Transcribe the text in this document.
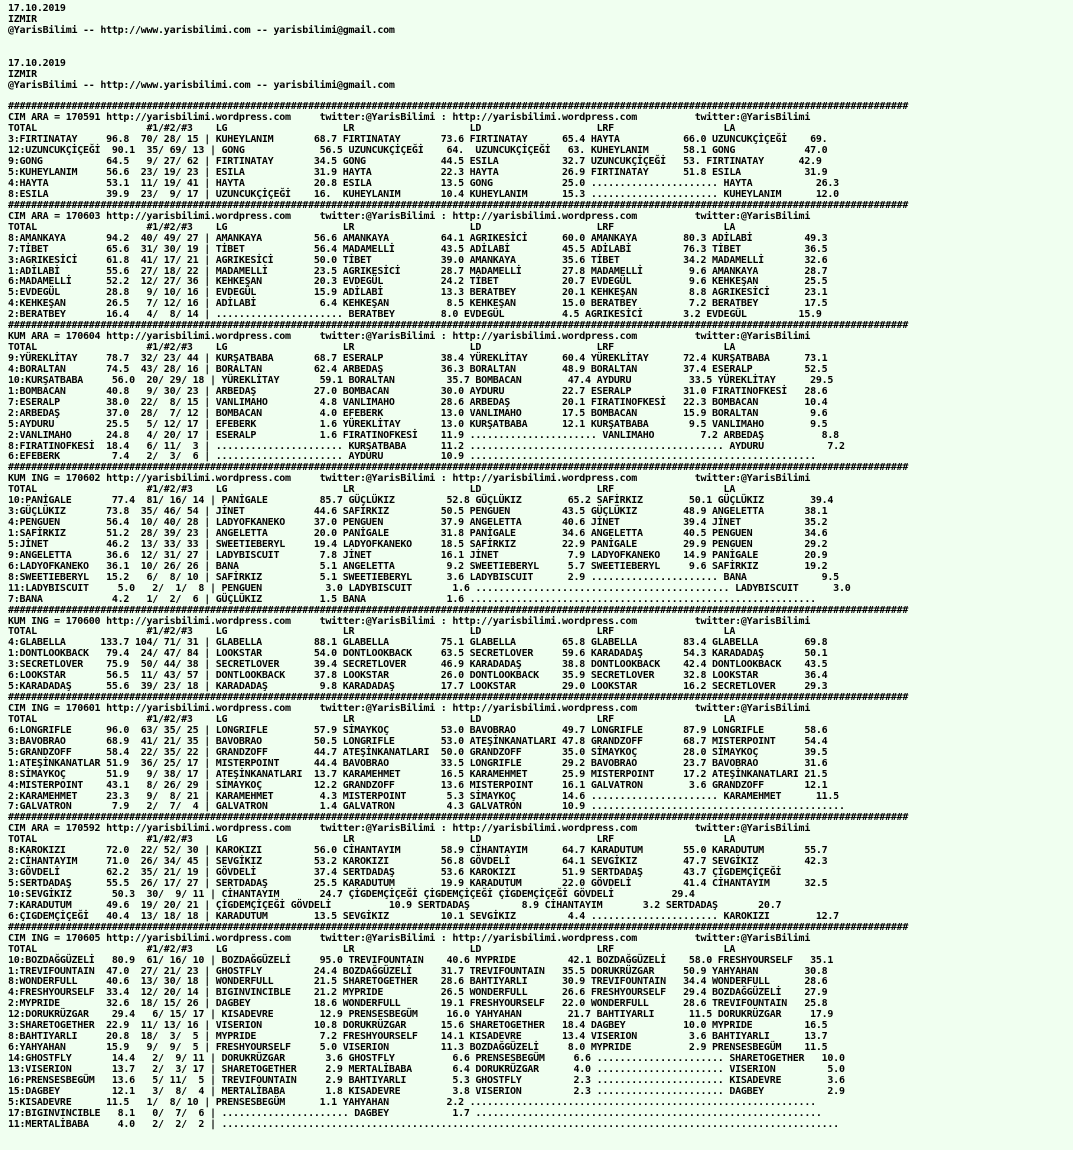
17.10.2019
IZMIR
@YarisBilimi -- http://www.yarisbilimi.com -- yarisbilimi@gmail.com

17.10.2019
IZMIR
@YarisBilimi -- http://www.yarisbilimi.com -- yarisbilimi@gmail.com

############################################################################################################################################################
CIM ARA = 170591 http://yarisbilimi.wordpress.com     twitter:@YarisBilimi : http://yarisbilimi.wordpress.com          twitter:@YarisBilimi
TOTAL                   #1/#2/#3    LG                    LR                    LD                    LRF                   LA
3:FIRTINATAY     96.8  70/ 28/ 15 | KUHEYLANIM       68.7 FIRTINATAY       73.6 FIRTINATAY      65.4 HAYTA           66.0 UZUNCUKÇİÇEĞİ    69.
12:UZUNCUKÇİÇEĞİ  90.1  35/ 69/ 13 | GONG             56.5 UZUNCUKÇİÇEĞİ    64.  UZUNCUKÇİÇEĞİ   63. KUHEYLANIM      58.1 GONG            47.0
9:GONG           64.5   9/ 27/ 62 | FIRTINATAY       34.5 GONG             44.5 ESILA           32.7 UZUNCUKÇİÇEĞİ   53. FIRTINATAY      42.9
5:KUHEYLANIM     56.6  23/ 19/ 23 | ESILA            31.9 HAYTA            22.3 HAYTA           26.9 FIRTINATAY      51.8 ESILA           31.9
4:HAYTA          53.1  11/ 19/ 41 | HAYTA            20.8 ESILA            13.5 GONG            25.0 ...................... HAYTA           26.3
8:ESILA          39.9  23/  9/ 17 | UZUNCUKÇİÇEĞİ    16.  KUHEYLANIM       10.4 KUHEYLANIM      15.3 ...................... KUHEYLANIM      12.0
############################################################################################################################################################
CIM ARA = 170603 http://yarisbilimi.wordpress.com     twitter:@YarisBilimi : http://yarisbilimi.wordpress.com          twitter:@YarisBilimi
TOTAL                   #1/#2/#3    LG                    LR                    LD                    LRF                   LA
8:AMANKAYA       94.2  40/ 49/ 27 | AMANKAYA         56.6 AMANKAYA         64.1 AGRIKESİCİ      60.0 AMANKAYA        80.3 ADİLABİ         49.3
7:TİBET          65.6  31/ 30/ 19 | TİBET            56.4 MADAMELLİ        43.5 ADİLABİ         45.5 ADİLABİ         76.3 TİBET           36.5
3:AGRIKESİCİ     61.8  41/ 17/ 21 | AGRIKESİCİ       50.0 TİBET            39.0 AMANKAYA        35.6 TİBET           34.2 MADAMELLİ       32.6
1:ADİLABİ        55.6  27/ 18/ 22 | MADAMELLİ        23.5 AGRIKESİCİ       28.7 MADAMELLİ       27.8 MADAMELLİ        9.6 AMANKAYA        28.7
6:MADAMELLİ      52.2  12/ 27/ 36 | KEHKEŞAN         20.3 EVDEGÜL          24.2 TİBET           20.7 EVDEGÜL          9.6 KEHKEŞAN        25.5
5:EVDEGÜL        28.8   9/ 10/ 16 | EVDEGÜL          15.9 ADİLABİ          13.3 BERATBEY        20.1 KEHKEŞAN         8.8 AGRIKESİCİ      23.1
4:KEHKEŞAN       26.5   7/ 12/ 16 | ADİLABİ           6.4 KEHKEŞAN          8.5 KEHKEŞAN        15.0 BERATBEY         7.2 BERATBEY        17.5
2:BERATBEY       16.4   4/  8/ 14 | ...................... BERATBEY        8.0 EVDEGÜL          4.5 AGRIKESİCİ       3.2 EVDEGÜL         15.9
############################################################################################################################################################
KUM ARA = 170604 http://yarisbilimi.wordpress.com     twitter:@YarisBilimi : http://yarisbilimi.wordpress.com          twitter:@YarisBilimi
TOTAL                   #1/#2/#3    LG                    LR                    LD                    LRF                   LA
9:YÜREKLİTAY     78.7  32/ 23/ 44 | KURŞATBABA       68.7 ESERALP          38.4 YÜREKLİTAY      60.4 YÜREKLİTAY      72.4 KURŞATBABA      73.1
4:BORALTAN       74.5  43/ 28/ 16 | BORALTAN         62.4 ARBEDAŞ          36.3 BORALTAN        48.9 BORALTAN        37.4 ESERALP         52.5
10:KURŞATBABA     56.0  20/ 29/ 18 | YÜREKLİTAY       59.1 BORALTAN         35.7 BOMBACAN        47.4 AYDURU          33.5 YÜREKLİTAY      29.5
1:BOMBACAN       40.8   9/ 30/ 23 | ARBEDAŞ          27.0 BOMBACAN         30.0 AYDURU          22.7 ESERALP         31.0 FIRATINOFKESİ   28.6
7:ESERALP        38.0  22/  8/ 15 | VANLIMAHO         4.8 VANLIMAHO        28.6 ARBEDAŞ         20.1 FIRATINOFKESİ   22.3 BOMBACAN        10.4
2:ARBEDAŞ        37.0  28/  7/ 12 | BOMBACAN          4.0 EFEBERK          13.0 VANLIMAHO       17.5 BOMBACAN        15.9 BORALTAN         9.6
5:AYDURU         25.5   5/ 12/ 17 | EFEBERK           1.6 YÜREKLİTAY       13.0 KURŞATBABA      12.1 KURŞATBABA       9.5 VANLIMAHO        9.5
2:VANLIMAHO      24.8   4/ 20/ 17 | ESERALP           1.6 FIRATINOFKESİ    11.9 ...................... VANLIMAHO        7.2 ARBEDAŞ          8.8
8:FIRATINOFKESİ  18.4   6/ 11/  3 | ...................... KURŞATBABA      11.2 ............................................ AYDURU           7.2
6:EFEBERK         7.4   2/  3/  6 | ...................... AYDURU          10.9 ............................................................
############################################################################################################################################################
KUM ING = 170602 http://yarisbilimi.wordpress.com     twitter:@YarisBilimi : http://yarisbilimi.wordpress.com          twitter:@YarisBilimi
TOTAL                   #1/#2/#3    LG                    LR                    LD                    LRF                   LA
10:PANİGALE       77.4  81/ 16/ 14 | PANİGALE         85.7 GÜÇLÜKIZ         52.8 GÜÇLÜKIZ        65.2 SAFİRKIZ        50.1 GÜÇLÜKIZ        39.4
3:GÜÇLÜKIZ       73.8  35/ 46/ 54 | JİNET            44.6 SAFİRKIZ         50.5 PENGUEN         43.5 GÜÇLÜKIZ        48.9 ANGELETTA       38.1
4:PENGUEN        56.4  10/ 40/ 28 | LADYOFKANEKO     37.0 PENGUEN          37.9 ANGELETTA       40.6 JİNET           39.4 JİNET           35.2
1:SAFİRKIZ       51.2  28/ 39/ 23 | ANGELETTA        20.0 PANİGALE         31.8 PANİGALE        34.6 ANGELETTA       40.5 PENGUEN         34.6
5:JİNET          46.2  13/ 33/ 33 | SWEETIEBERYL     19.4 LADYOFKANEKO     18.5 SAFİRKIZ        22.9 PANİGALE        29.9 PENGUEN         29.2
9:ANGELETTA      36.6  12/ 31/ 27 | LADYBISCUIT       7.8 JİNET            16.1 JİNET            7.9 LADYOFKANEKO    14.9 PANİGALE        20.9
6:LADYOFKANEKO   36.1  10/ 26/ 26 | BANA              5.1 ANGELETTA         9.2 SWEETIEBERYL     5.7 SWEETIEBERYL     9.6 SAFİRKIZ        19.2
8:SWEETIEBERYL   15.2   6/  8/ 10 | SAFİRKIZ          5.1 SWEETIEBERYL      3.6 LADYBISCUIT      2.9 ...................... BANA             9.5
11:LADYBISCUIT     5.0   2/  1/  8 | PENGUEN           3.0 LADYBISCUIT       1.6 ............................................ LADYBISCUIT      3.0
7:BANA            4.2   1/  2/  6 | GÜÇLÜKIZ          1.5 BANA              1.6 ............................................................
############################################################################################################################################################
KUM ING = 170600 http://yarisbilimi.wordpress.com     twitter:@YarisBilimi : http://yarisbilimi.wordpress.com          twitter:@YarisBilimi
TOTAL                   #1/#2/#3    LG                    LR                    LD                    LRF                   LA
4:GLABELLA      133.7 104/ 71/ 31 | GLABELLA         88.1 GLABELLA         75.1 GLABELLA        65.8 GLABELLA        83.4 GLABELLA        69.8
1:DONTLOOKBACK   79.4  24/ 47/ 84 | LOOKSTAR         54.0 DONTLOOKBACK     63.5 SECRETLOVER     59.6 KARADADAŞ       54.3 KARADADAŞ       50.1
3:SECRETLOVER    75.9  50/ 44/ 38 | SECRETLOVER      39.4 SECRETLOVER      46.9 KARADADAŞ       38.8 DONTLOOKBACK    42.4 DONTLOOKBACK    43.5
6:LOOKSTAR       56.5  11/ 43/ 57 | DONTLOOKBACK     37.8 LOOKSTAR         26.0 DONTLOOKBACK    35.9 SECRETLOVER     32.8 LOOKSTAR        36.4
5:KARADADAŞ      55.6  39/ 23/ 18 | KARADADAŞ         9.8 KARADADAŞ        17.7 LOOKSTAR        29.0 LOOKSTAR        16.2 SECRETLOVER     29.3
############################################################################################################################################################
CIM ING = 170601 http://yarisbilimi.wordpress.com     twitter:@YarisBilimi : http://yarisbilimi.wordpress.com          twitter:@YarisBilimi
TOTAL                   #1/#2/#3    LG                    LR                    LD                    LRF                   LA
6:LONGRIFLE      96.0  63/ 35/ 25 | LONGRIFLE        57.9 SİMAYKOÇ         53.0 BAVOBRAO        49.7 LONGRIFLE       87.9 LONGRIFLE       58.6
3:BAVOBRAO       68.9  41/ 21/ 35 | BAVOBRAO         50.5 LONGRIFLE        53.0 ATEŞİNKANATLARI 47.8 GRANDZOFF       68.7 MISTERPOINT     54.4
5:GRANDZOFF      58.4  22/ 35/ 22 | GRANDZOFF        44.7 ATEŞİNKANATLARI  50.0 GRANDZOFF       35.0 SİMAYKOÇ        28.0 SİMAYKOÇ        39.5
1:ATEŞİNKANATLAR 51.9  36/ 25/ 17 | MISTERPOINT      44.4 BAVOBRAO         33.5 LONGRIFLE       29.2 BAVOBRAO        23.7 BAVOBRAO        31.6
8:SİMAYKOÇ       51.9   9/ 38/ 17 | ATEŞİNKANATLARI  13.7 KARAMEHMET       16.5 KARAMEHMET      25.9 MISTERPOINT     17.2 ATEŞİNKANATLARI 21.5
4:MISTERPOINT    43.1   8/ 26/ 29 | SİMAYKOÇ         12.2 GRANDZOFF        13.6 MISTERPOINT     16.1 GALVATRON        3.6 GRANDZOFF       12.1
2:KARAMEHMET     23.3   9/  8/ 21 | KARAMEHMET        4.3 MISTERPOINT       5.3 SİMAYKOÇ        14.6 ...................... KARAMEHMET      11.5
7:GALVATRON       7.9   2/  7/  4 | GALVATRON         1.4 GALVATRON         4.3 GALVATRON       10.9 ............................................
############################################################################################################################################################
CIM ARA = 170592 http://yarisbilimi.wordpress.com     twitter:@YarisBilimi : http://yarisbilimi.wordpress.com          twitter:@YarisBilimi
TOTAL                   #1/#2/#3    LG                    LR                    LD                    LRF                   LA
8:KAROKIZI       72.0  22/ 52/ 30 | KAROKIZI         56.0 CİHANTAYIM       58.9 CİHANTAYIM      64.7 KARADUTUM       55.0 KARADUTUM       55.7
2:CİHANTAYIM     71.0  26/ 34/ 45 | SEVGİKIZ         53.2 KAROKIZI         56.8 GÖVDELİ         64.1 SEVGİKIZ        47.7 SEVGİKIZ        42.3
3:GÖVDELİ        62.2  35/ 21/ 19 | GÖVDELİ          37.4 SERTDADAŞ        53.6 KAROKIZI        51.9 SERTDADAŞ       43.7 ÇİGDEMÇİÇEĞİ
5:SERTDADAŞ      55.5  26/ 17/ 27 | SERTDADAŞ        25.5 KARADUTUM        19.9 KARADUTUM       22.0 GÖVDELİ         41.4 CİHANTAYIM      32.5
10:SEVGİKIZ       50.3  30/  9/ 11 | CİHANTAYIM       24.7 ÇİGDEMÇİÇEĞİ ÇİGDEMÇİÇEĞİ ÇİGDEMÇİÇEĞİ GÖVDELİ          29.4
7:KARADUTUM      49.6  19/ 20/ 21 | ÇİGDEMÇİÇEĞİ GÖVDELİ          10.9 SERTDADAŞ         8.9 CİHANTAYIM       3.2 SERTDADAŞ       20.7
6:ÇIGDEMÇİÇEĞİ   40.4  13/ 18/ 18 | KARADUTUM        13.5 SEVGİKIZ         10.1 SEVGİKIZ         4.4 ...................... KAROKIZI        12.7
############################################################################################################################################################
CIM ING = 170605 http://yarisbilimi.wordpress.com     twitter:@YarisBilimi : http://yarisbilimi.wordpress.com          twitter:@YarisBilimi
TOTAL                   #1/#2/#3    LG                    LR                    LD                    LRF                   LA
10:BOZDAĞGÜZELİ   80.9  61/ 16/ 10 | BOZDAĞGÜZELİ     95.0 TREVIFOUNTAIN    40.6 MYPRIDE         42.1 BOZDAĞGÜZELİ    58.0 FRESHYOURSELF   35.1
1:TREVIFOUNTAIN  47.0  27/ 21/ 23 | GHOSTFLY         24.4 BOZDAĞGÜZELİ     31.7 TREVIFOUNTAIN   35.5 DORUKRÜZGAR     50.9 YAHYAHAN        30.8
8:WONDERFULL     40.6  13/ 30/ 18 | WONDERFULL       21.5 SHARETOGETHER    28.6 BAHTIYARLI      30.9 TREVIFOUNTAIN   34.4 WONDERFULL      28.6
4:FRESHYOURSELF  33.4  12/ 20/ 14 | BIGINVINCIBLE    21.2 MYPRIDE          26.5 WONDERFULL      26.6 FRESHYOURSELF   29.4 BOZDAĞGÜZELİ    27.9
2:MYPRIDE        32.6  18/ 15/ 26 | DAGBEY           18.6 WONDERFULL       19.1 FRESHYOURSELF   22.0 WONDERFULL      28.6 TREVIFOUNTAIN   25.8
12:DORUKRÜZGAR    29.4   6/ 15/ 17 | KISADEVRE        12.9 PRENSESBEGÜM     16.0 YAHYAHAN        21.7 BAHTIYARLI      11.5 DORUKRÜZGAR     17.9
3:SHARETOGETHER  22.9  11/ 13/ 16 | VISERION         10.8 DORUKRÜZGAR      15.6 SHARETOGETHER   18.4 DAGBEY          10.0 MYPRIDE         16.5
8:BAHTIYARLI     20.8  18/  3/  5 | MYPRIDE           7.2 FRESHYOURSELF    14.1 KISADEVRE       13.4 VISERION         3.6 BAHTIYARLI      13.7
6:YAHYAHAN       15.9   9/  9/  5 | FRESHYOURSELF     5.0 VISERION         11.3 BOZDAĞGÜZELİ     8.0 MYPRIDE          2.9 PRENSESBEGÜM    11.5
14:GHOSTFLY       14.4   2/  9/ 11 | DORUKRÜZGAR       3.6 GHOSTFLY          6.6 PRENSESBEGÜM     6.6 ...................... SHARETOGETHER   10.0
13:VISERION       13.7   2/  3/ 17 | SHARETOGETHER     2.9 MERTALİBABA       6.4 DORUKRÜZGAR      4.0 ...................... VISERION         5.0
16:PRENSESBEGÜM   13.6   5/ 11/  5 | TREVIFOUNTAIN     2.9 BAHTIYARLI        5.3 GHOSTFLY         2.3 ...................... KISADEVRE        3.6
15:DAGBEY         12.1   3/  8/  4 | MERTALİBABA       1.8 KISADEVRE         3.8 VISERION         2.3 ...................... DAGBEY           2.9
5:KISADEVRE      11.5   1/  8/ 10 | PRENSESBEGÜM      1.1 YAHYAHAN          2.2 ............................................................
17:BIGINVINCIBLE   8.1   0/  7/  6 | ...................... DAGBEY           1.7 ............................................................
11:MERTALİBABA     4.0   2/  2/  2 | ...........................................................................................................
